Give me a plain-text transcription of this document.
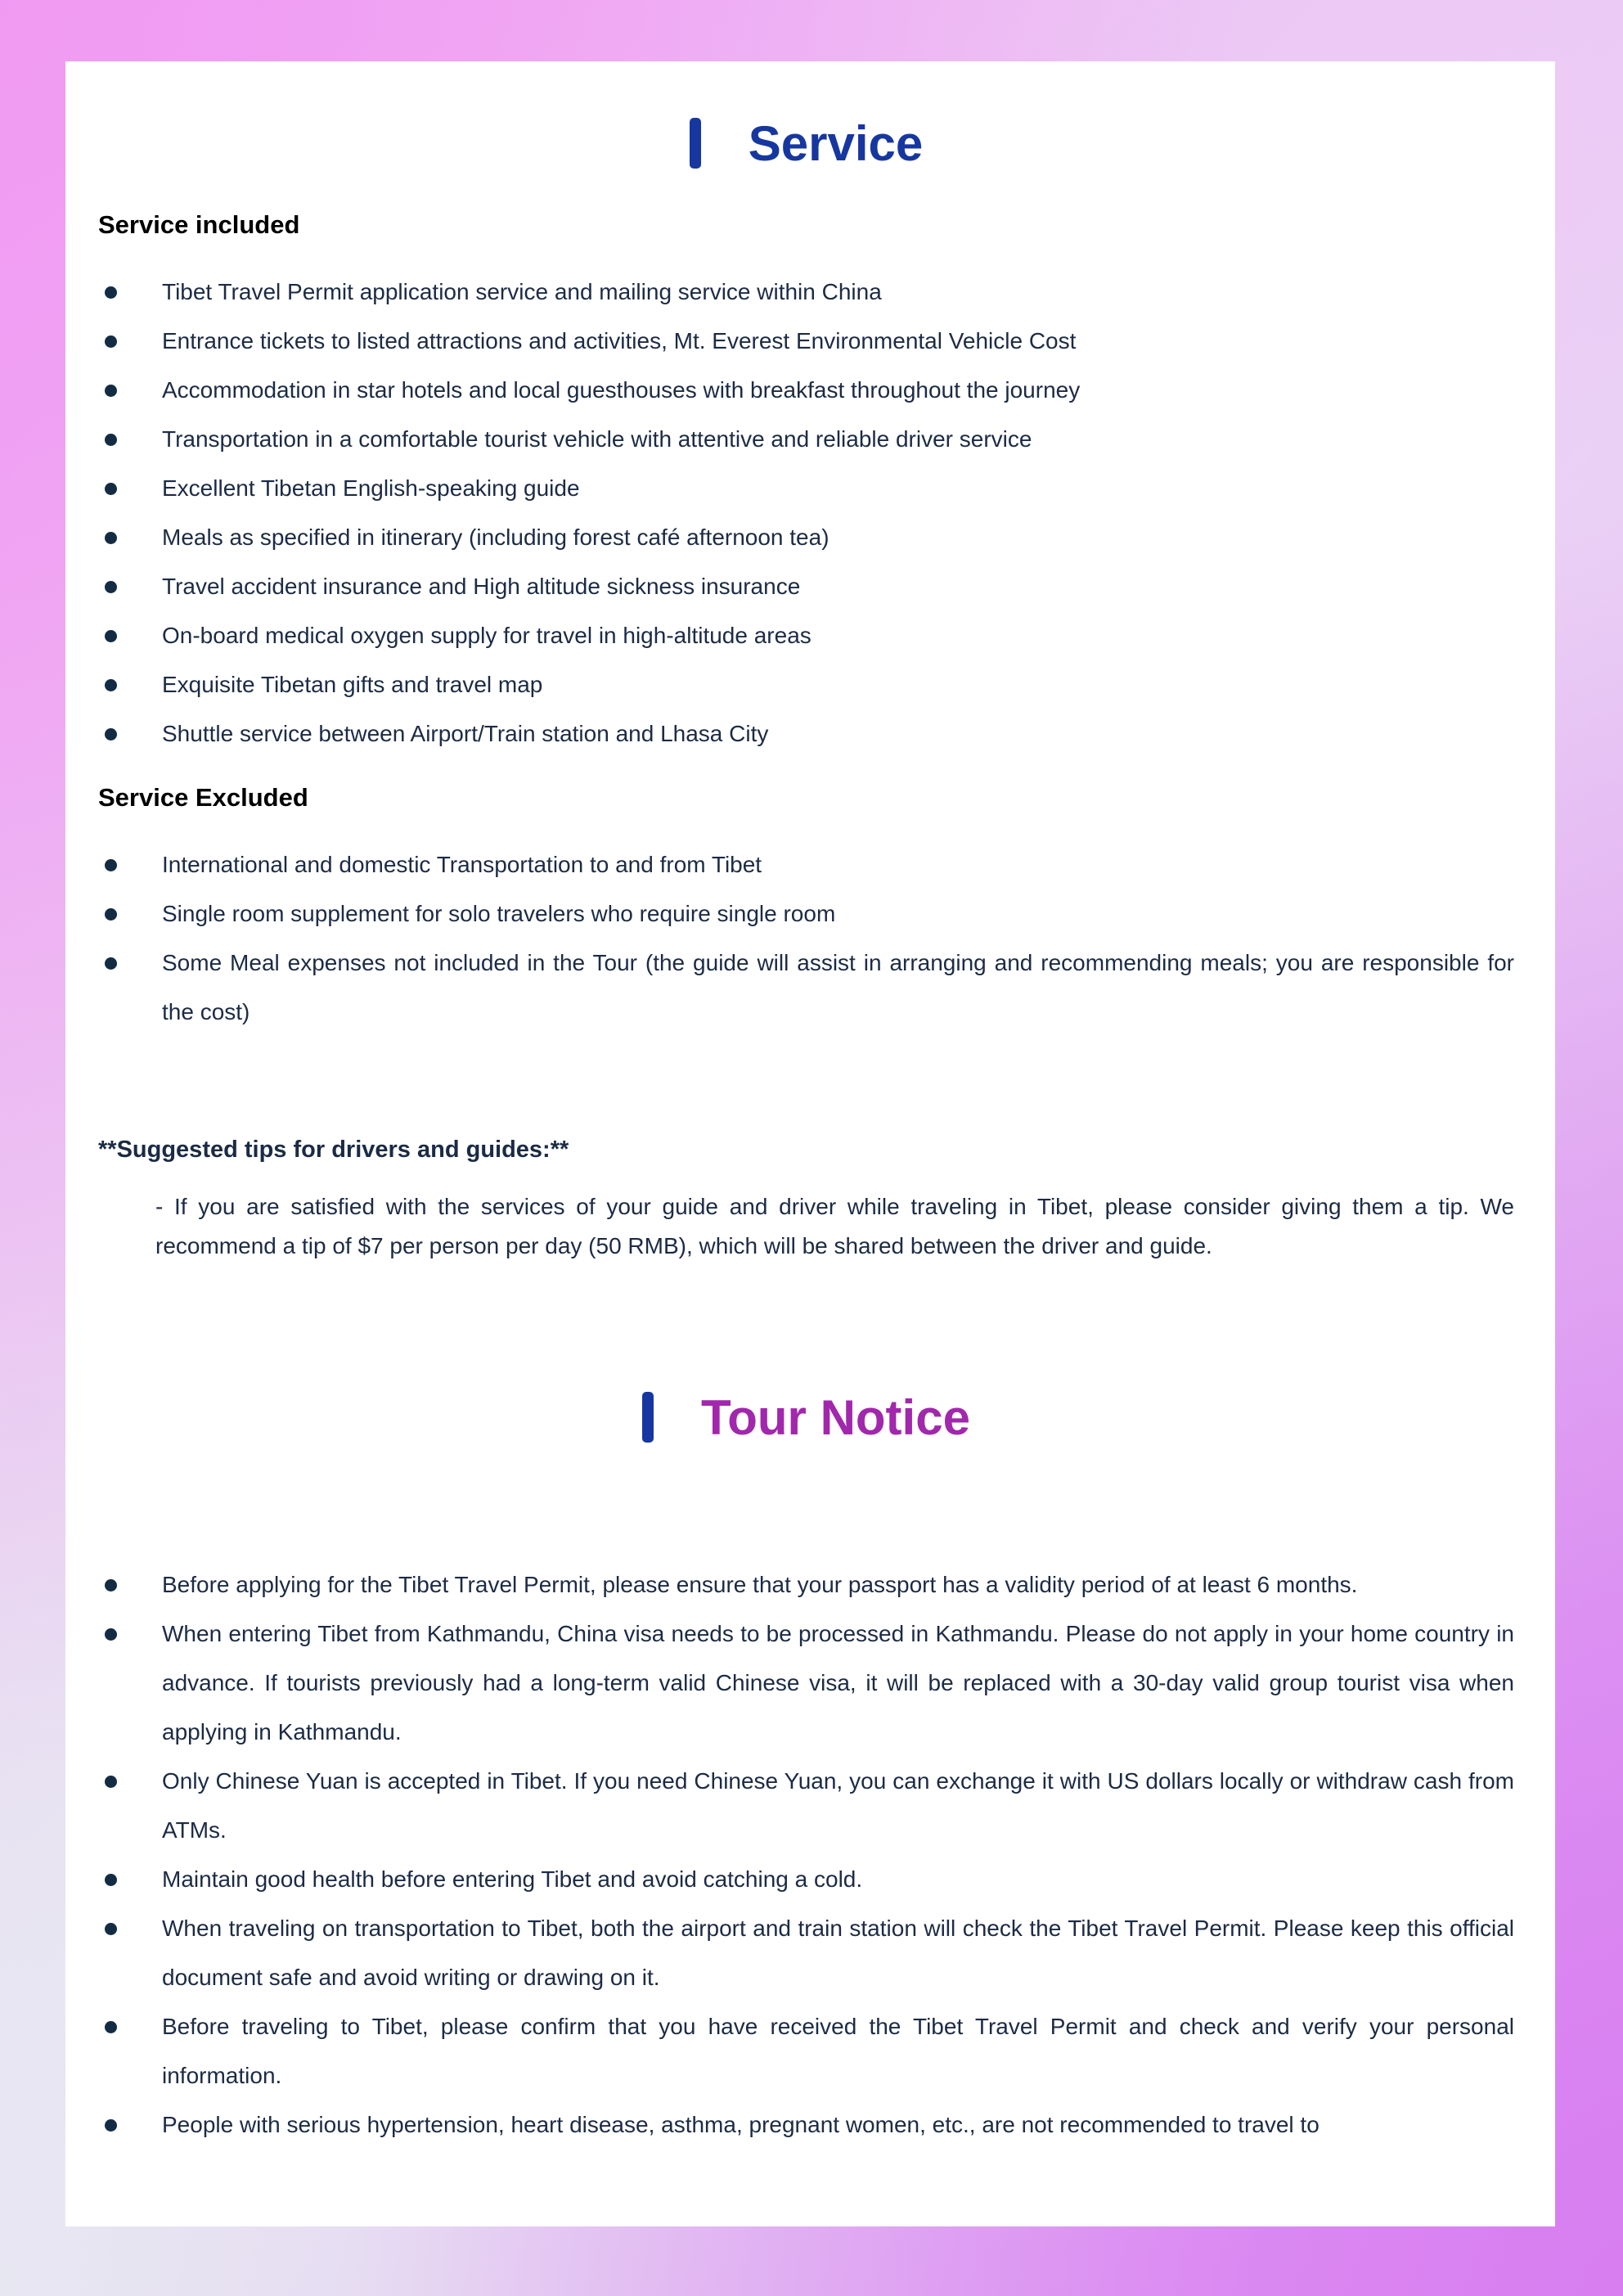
Service
Service included
Tibet Travel Permit application service and mailing service within China
Entrance tickets to listed attractions and activities, Mt. Everest Environmental Vehicle Cost
Accommodation in star hotels and local guesthouses with breakfast throughout the journey
Transportation in a comfortable tourist vehicle with attentive and reliable driver service
Excellent Tibetan English-speaking guide
Meals as specified in itinerary (including forest café afternoon tea)
Travel accident insurance and High altitude sickness insurance
On-board medical oxygen supply for travel in high-altitude areas
Exquisite Tibetan gifts and travel map
Shuttle service between Airport/Train station and Lhasa City
Service Excluded
International and domestic Transportation to and from Tibet
Single room supplement for solo travelers who require single room
Some Meal expenses not included in the Tour (the guide will assist in arranging and recommending meals; you are responsible for the cost)
**Suggested tips for drivers and guides:**
- If you are satisfied with the services of your guide and driver while traveling in Tibet, please consider giving them a tip. We recommend a tip of $7 per person per day (50 RMB), which will be shared between the driver and guide.
Tour Notice
Before applying for the Tibet Travel Permit, please ensure that your passport has a validity period of at least 6 months.
When entering Tibet from Kathmandu, China visa needs to be processed in Kathmandu. Please do not apply in your home country in advance. If tourists previously had a long-term valid Chinese visa, it will be replaced with a 30-day valid group tourist visa when applying in Kathmandu.
Only Chinese Yuan is accepted in Tibet. If you need Chinese Yuan, you can exchange it with US dollars locally or withdraw cash from ATMs.
Maintain good health before entering Tibet and avoid catching a cold.
When traveling on transportation to Tibet, both the airport and train station will check the Tibet Travel Permit. Please keep this official document safe and avoid writing or drawing on it.
Before traveling to Tibet, please confirm that you have received the Tibet Travel Permit and check and verify your personal information.
People with serious hypertension, heart disease, asthma, pregnant women, etc., are not recommended to travel to
